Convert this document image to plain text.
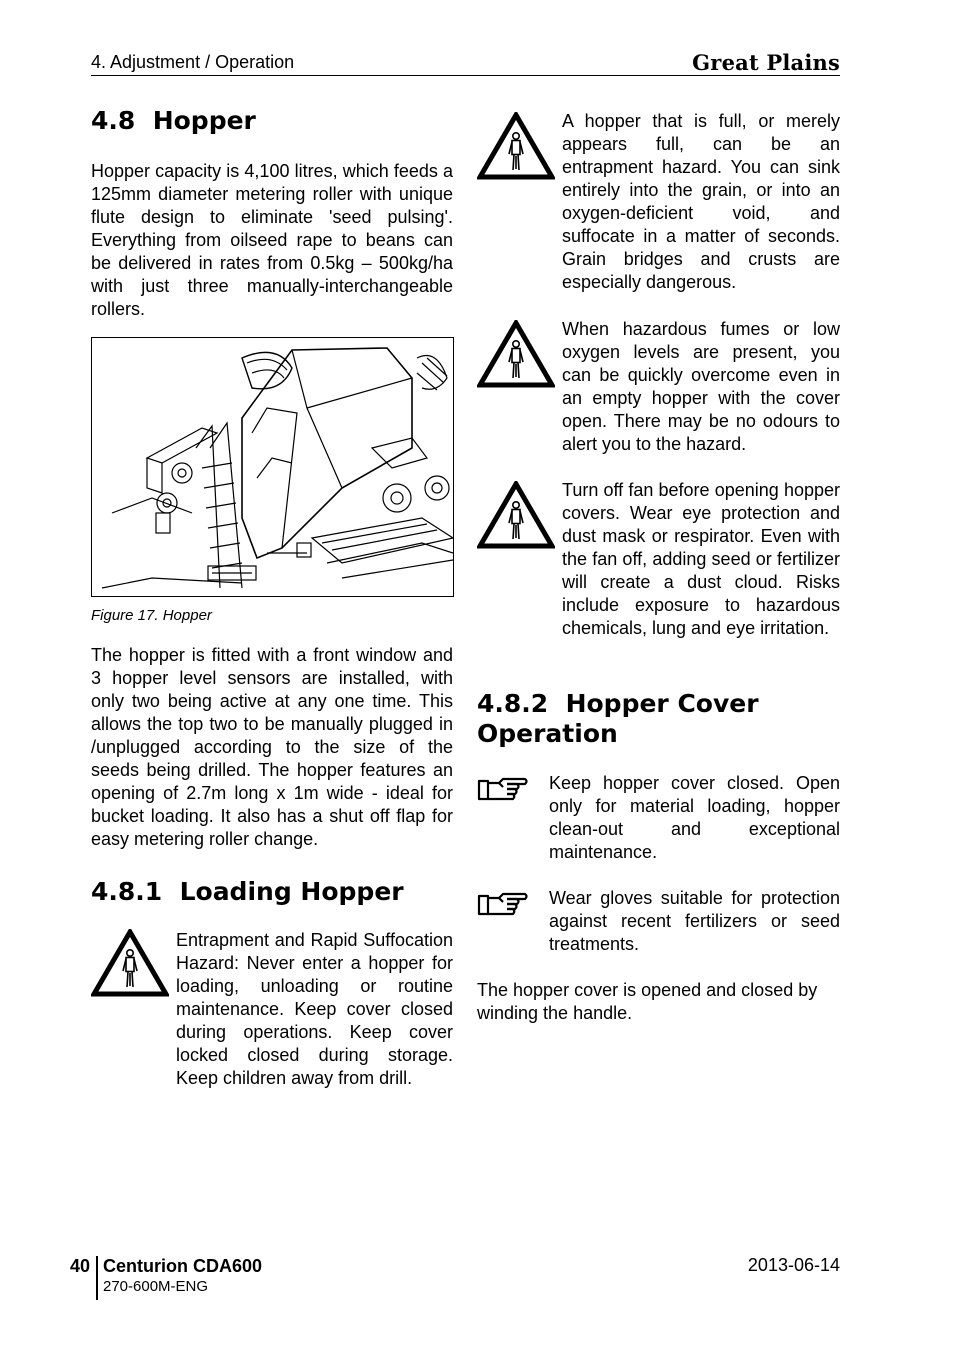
4. Adjustment / Operation	Great Plains
4.8  Hopper

Hopper capacity is 4,100 litres, which feeds a 125mm diameter metering roller with unique flute design to eliminate 'seed pulsing'. Everything from oilseed rape to beans can be delivered in rates from 0.5kg – 500kg/ha with just three manually-interchangeable rollers.

Figure 17. Hopper

The hopper is fitted with a front window and 3 hopper level sensors are installed, with only two being active at any one time. This allows the top two to be manually plugged in /unplugged according to the size of the seeds being drilled. The hopper features an opening of 2.7m long x 1m wide - ideal for bucket loading. It also has a shut off flap for easy metering roller change.

4.8.1  Loading Hopper

Entrapment and Rapid Suffocation Hazard: Never enter a hopper for loading, unloading or routine maintenance. Keep cover closed during operations. Keep cover locked closed during storage. Keep children away from drill.

A hopper that is full, or merely appears full, can be an entrapment hazard. You can sink entirely into the grain, or into an oxygen-deficient void, and suffocate in a matter of seconds. Grain bridges and crusts are especially dangerous.

When hazardous fumes or low oxygen levels are present, you can be quickly overcome even in an empty hopper with the cover open. There may be no odours to alert you to the hazard.

Turn off fan before opening hopper covers. Wear eye protection and dust mask or respirator. Even with the fan off, adding seed or fertilizer will create a dust cloud. Risks include exposure to hazardous chemicals, lung and eye irritation.

4.8.2  Hopper Cover Operation

Keep hopper cover closed. Open only for material loading, hopper clean-out and exceptional maintenance.

Wear gloves suitable for protection against recent fertilizers or seed treatments.

The hopper cover is opened and closed by winding the handle.

40 Centurion CDA600
270-600M-ENG
2013-06-14
